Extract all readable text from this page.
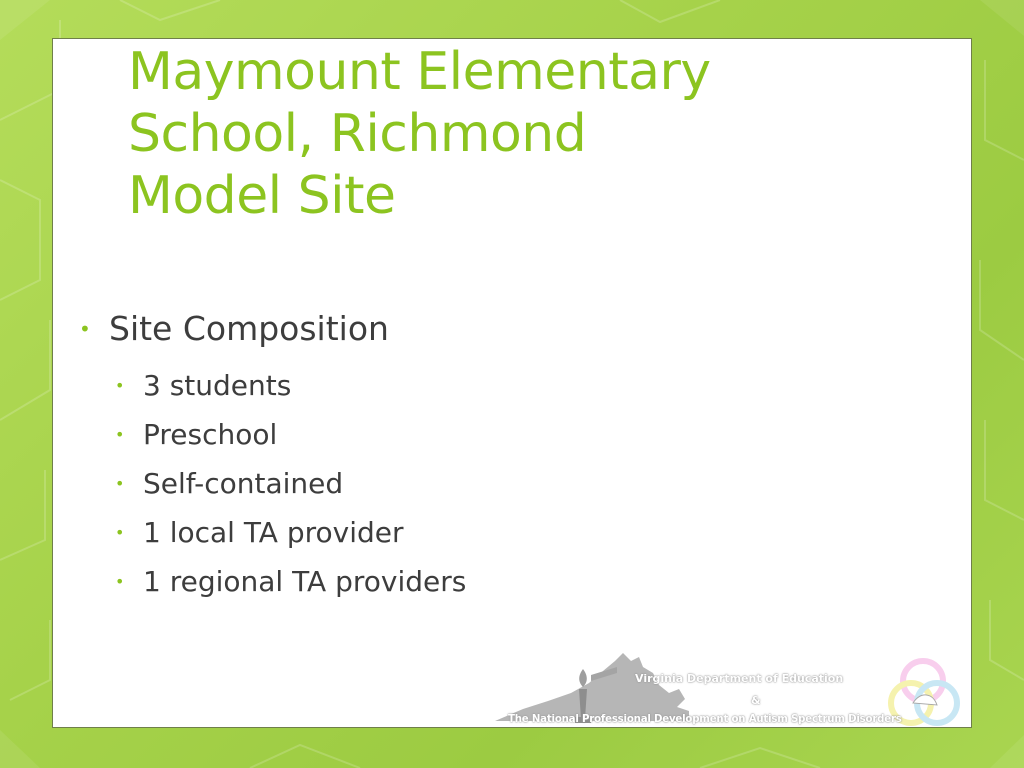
Maymount Elementary
School, Richmond
Model Site
• Site Composition
• 3 students
• Preschool
• Self-contained
• 1 local TA provider
• 1 regional TA providers
Virginia Department of Education
&
The National Professional Development on Autism Spectrum Disorders
